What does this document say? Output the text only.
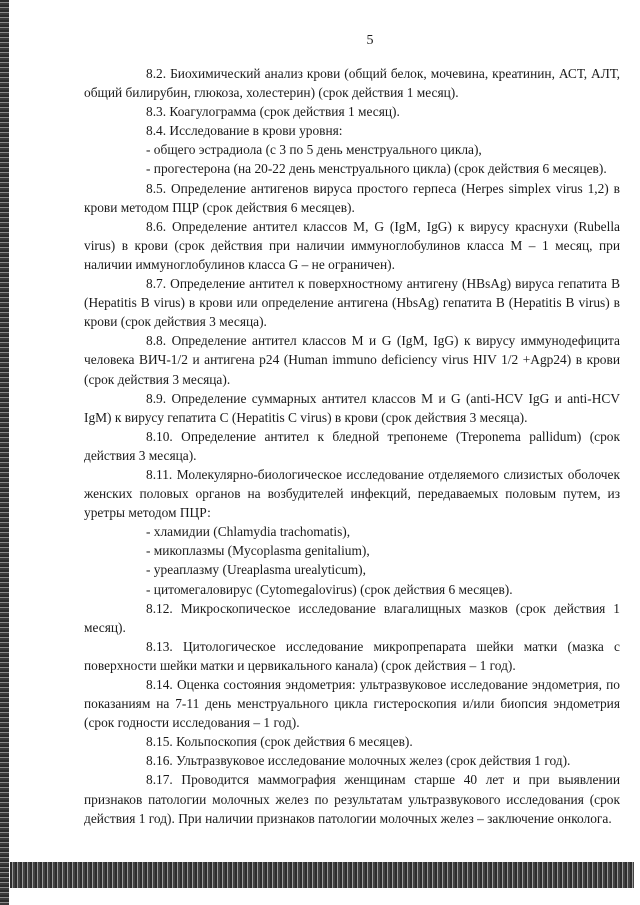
5

8.2. Биохимический анализ крови (общий белок, мочевина, креатинин, АСТ, АЛТ, общий билирубин, глюкоза, холестерин) (срок действия 1 месяц).

8.3. Коагулограмма (срок действия 1 месяц).

8.4. Исследование в крови уровня:

- общего эстрадиола (с 3 по 5 день менструального цикла),

- прогестерона (на 20-22 день менструального цикла) (срок действия 6 месяцев).

8.5. Определение антигенов вируса простого герпеса (Herpes simplex virus 1,2) в крови методом ПЦР (срок действия 6 месяцев).

8.6. Определение антител классов M, G (IgM, IgG) к вирусу краснухи (Rubella virus) в крови (срок действия при наличии иммуноглобулинов класса M – 1 месяц, при наличии иммуноглобулинов класса G – не ограничен).

8.7. Определение антител к поверхностному антигену (HBsAg) вируса гепатита B (Hepatitis B virus) в крови или определение антигена (HbsAg) гепатита B (Hepatitis B virus) в крови (срок действия 3 месяца).

8.8. Определение антител классов M и G (IgM, IgG) к вирусу иммунодефицита человека ВИЧ-1/2 и антигена p24 (Human immuno deficiency virus HIV 1/2 +Agp24) в крови (срок действия 3 месяца).

8.9. Определение суммарных антител классов M и G (anti-HCV IgG и anti-HCV IgM) к вирусу гепатита С (Hepatitis C virus) в крови (срок действия 3 месяца).

8.10. Определение антител к бледной трепонеме (Treponema pallidum) (срок действия 3 месяца).

8.11. Молекулярно-биологическое исследование отделяемого слизистых оболочек женских половых органов на возбудителей инфекций, передаваемых половым путем, из уретры методом ПЦР:

- хламидии (Chlamydia trachomatis),

- микоплазмы (Mycoplasma genitalium),

- уреаплазму (Ureaplasma urealyticum),

- цитомегаловирус (Cytomegalovirus) (срок действия 6 месяцев).

8.12. Микроскопическое исследование влагалищных мазков (срок действия 1 месяц).

8.13. Цитологическое исследование микропрепарата шейки матки (мазка с поверхности шейки матки и цервикального канала) (срок действия – 1 год).

8.14. Оценка состояния эндометрия: ультразвуковое исследование эндометрия, по показаниям на 7-11 день менструального цикла гистероскопия и/или биопсия эндометрия (срок годности исследования – 1 год).

8.15. Кольпоскопия (срок действия 6 месяцев).

8.16. Ультразвуковое исследование молочных желез (срок действия 1 год).

8.17. Проводится маммография женщинам старше 40 лет и при выявлении признаков патологии молочных желез по результатам ультразвукового исследования (срок действия 1 год). При наличии признаков патологии молочных желез – заключение онколога.
